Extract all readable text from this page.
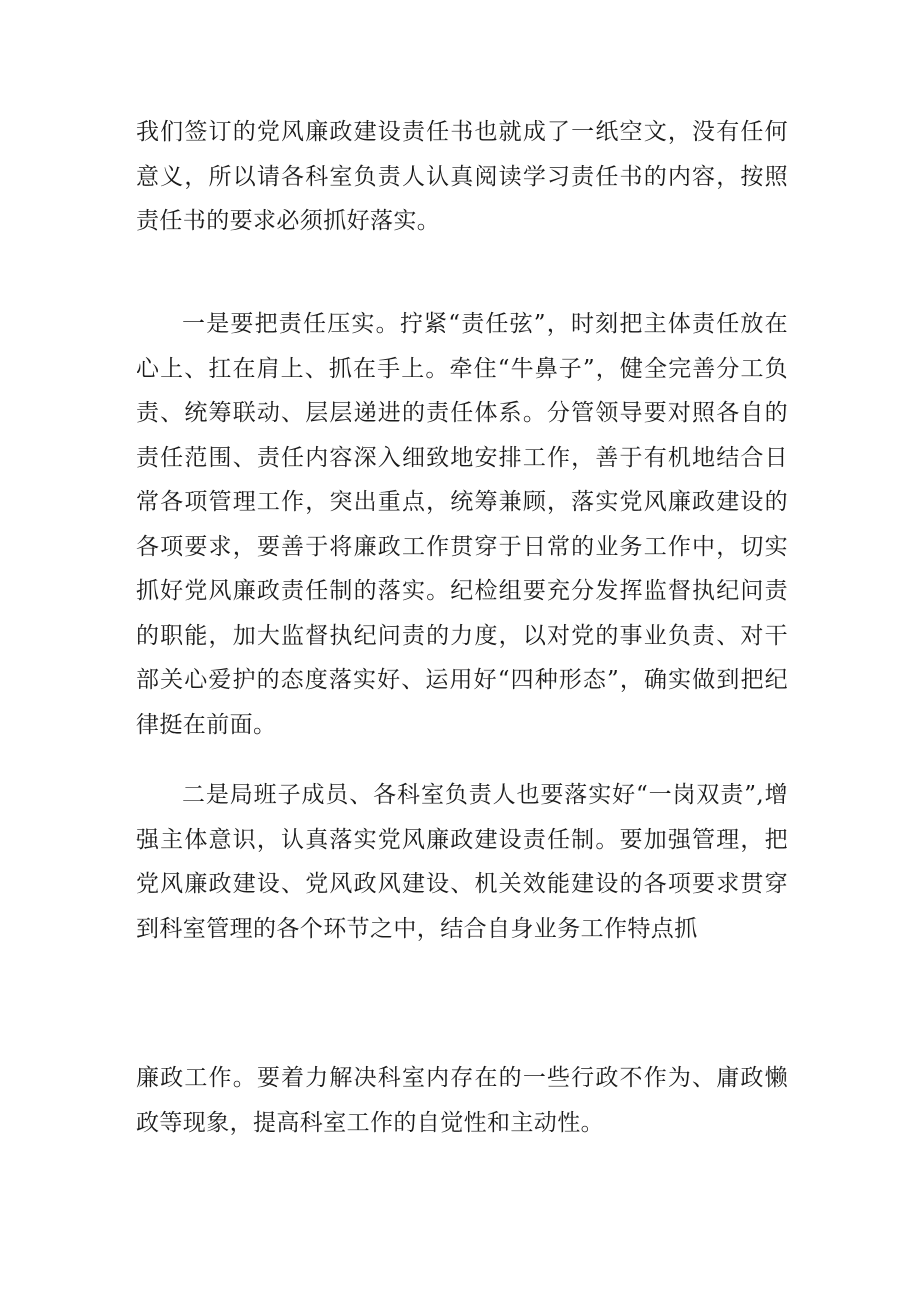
我们签订的党风廉政建设责任书也就成了一纸空文，没有任何意义，所以请各科室负责人认真阅读学习责任书的内容，按照责任书的要求必须抓好落实。

一是要把责任压实。拧紧“责任弦”，时刻把主体责任放在心上、扛在肩上、抓在手上。牵住“牛鼻子”，健全完善分工负责、统筹联动、层层递进的责任体系。分管领导要对照各自的责任范围、责任内容深入细致地安排工作，善于有机地结合日常各项管理工作，突出重点，统筹兼顾，落实党风廉政建设的各项要求，要善于将廉政工作贯穿于日常的业务工作中，切实抓好党风廉政责任制的落实。纪检组要充分发挥监督执纪问责的职能，加大监督执纪问责的力度，以对党的事业负责、对干部关心爱护的态度落实好、运用好“四种形态”，确实做到把纪律挺在前面。

二是局班子成员、各科室负责人也要落实好“一岗双责”,增强主体意识，认真落实党风廉政建设责任制。要加强管理，把党风廉政建设、党风政风建设、机关效能建设的各项要求贯穿到科室管理的各个环节之中，结合自身业务工作特点抓

廉政工作。要着力解决科室内存在的一些行政不作为、庸政懒政等现象，提高科室工作的自觉性和主动性。
